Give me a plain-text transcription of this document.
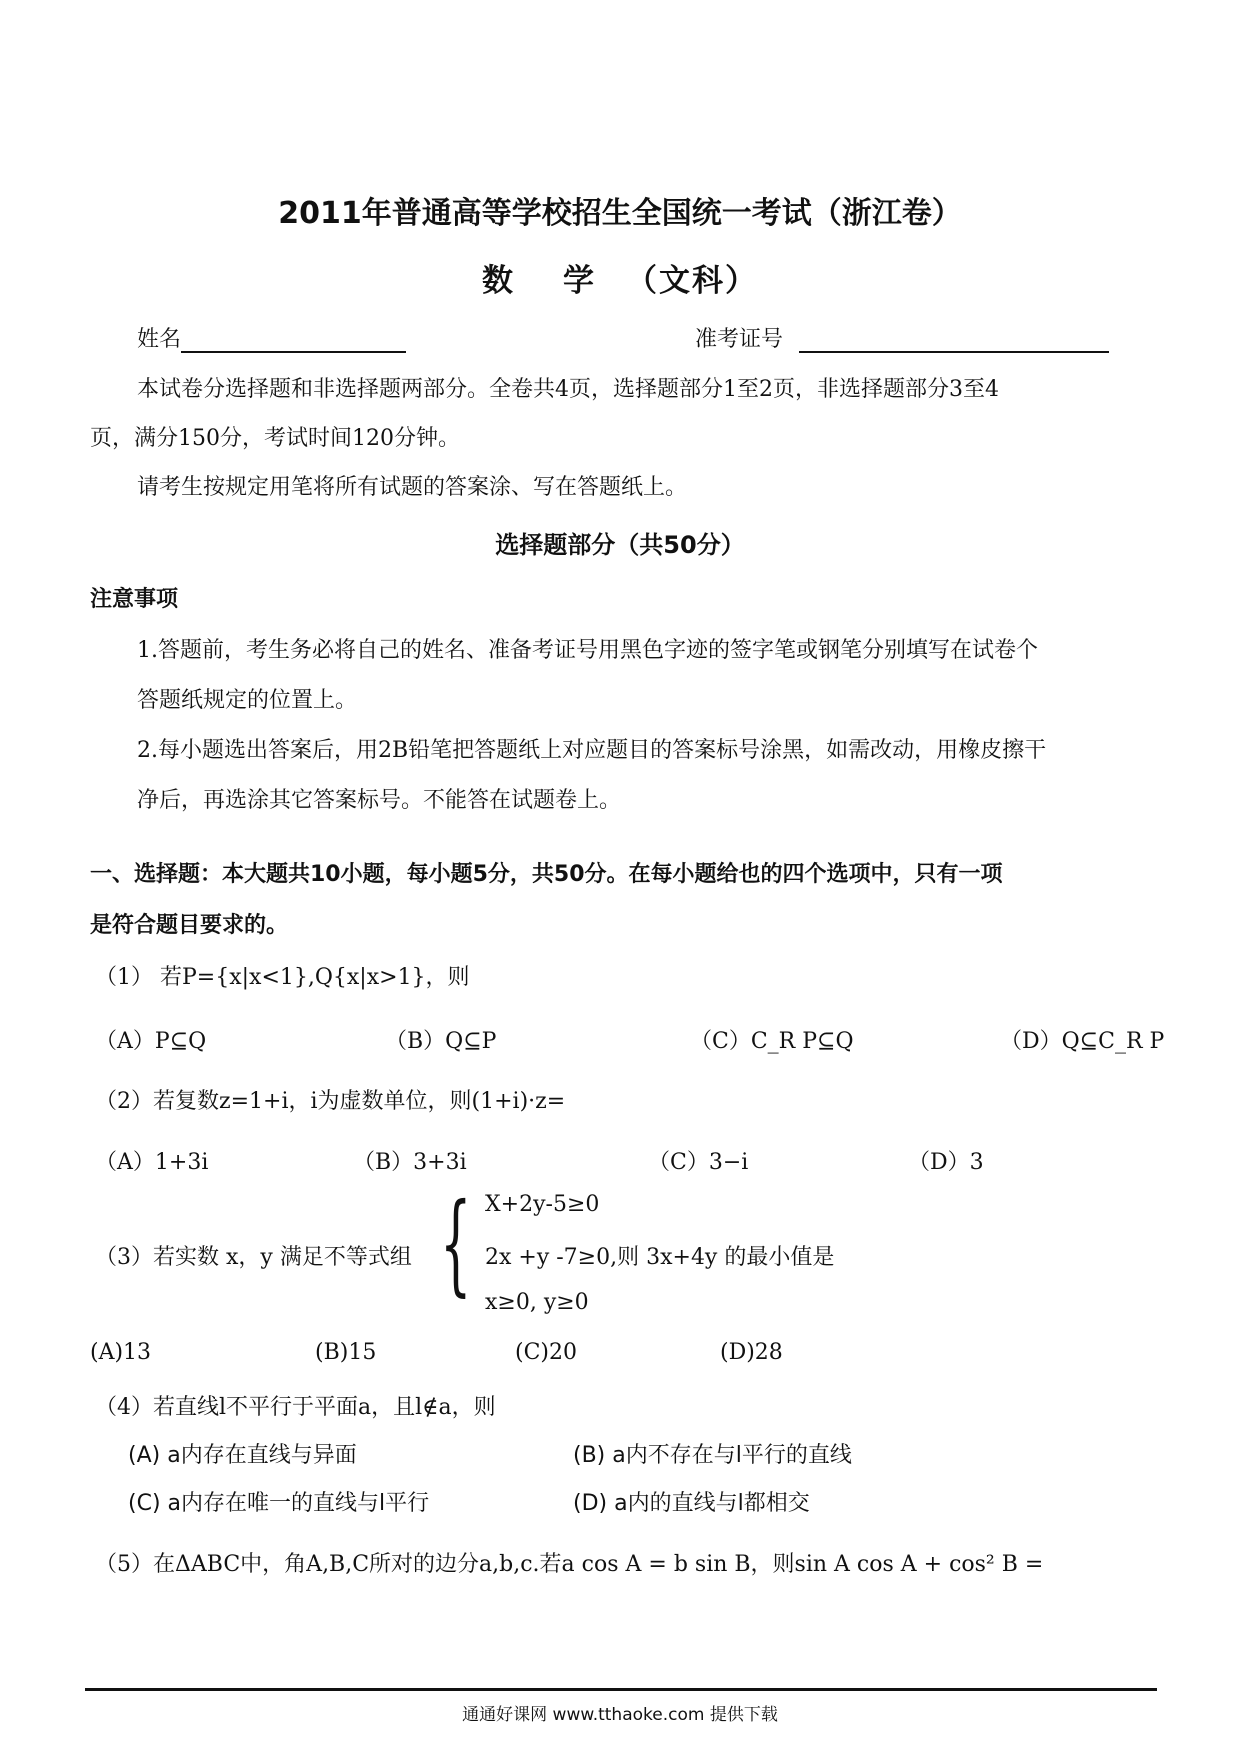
2011年普通高等学校招生全国统一考试（浙江卷）
数 学 （文科）
姓名	准考证号
本试卷分选择题和非选择题两部分。全卷共4页，选择题部分1至2页，非选择题部分3至4
页，满分150分，考试时间120分钟。
请考生按规定用笔将所有试题的答案涂、写在答题纸上。
选择题部分（共50分）
注意事项
1.答题前，考生务必将自己的姓名、准备考证号用黑色字迹的签字笔或钢笔分别填写在试卷个
答题纸规定的位置上。
2.每小题选出答案后，用2B铅笔把答题纸上对应题目的答案标号涂黑，如需改动，用橡皮擦干
净后，再选涂其它答案标号。不能答在试题卷上。
一、选择题：本大题共10小题，每小题5分，共50分。在每小题给也的四个选项中，只有一项
是符合题目要求的。
（1） 若P={x|x<1},Q{x|x>1}，则
（A）P⊆Q	（B）Q⊆P	（C）C_R P⊆Q	（D）Q⊆C_R P
（2）若复数z=1+i，i为虚数单位，则(1+i)·z=
（A）1+3i	（B）3+3i	（C）3−i	（D）3
（3）若实数 x，y 满足不等式组 { X+2y-5≥0
2x +y -7≥0,则 3x+4y 的最小值是
x≥0, y≥0
(A)13	(B)15	(C)20	(D)28
（4）若直线l不平行于平面a，且l∉a，则
(A) a内存在直线与异面	(B) a内不存在与l平行的直线
(C) a内存在唯一的直线与l平行	(D) a内的直线与l都相交
（5）在ΔABC中，角A,B,C所对的边分a,b,c.若a cos A = b sin B，则sin A cos A + cos² B =
通通好课网 www.tthaoke.com 提供下载
